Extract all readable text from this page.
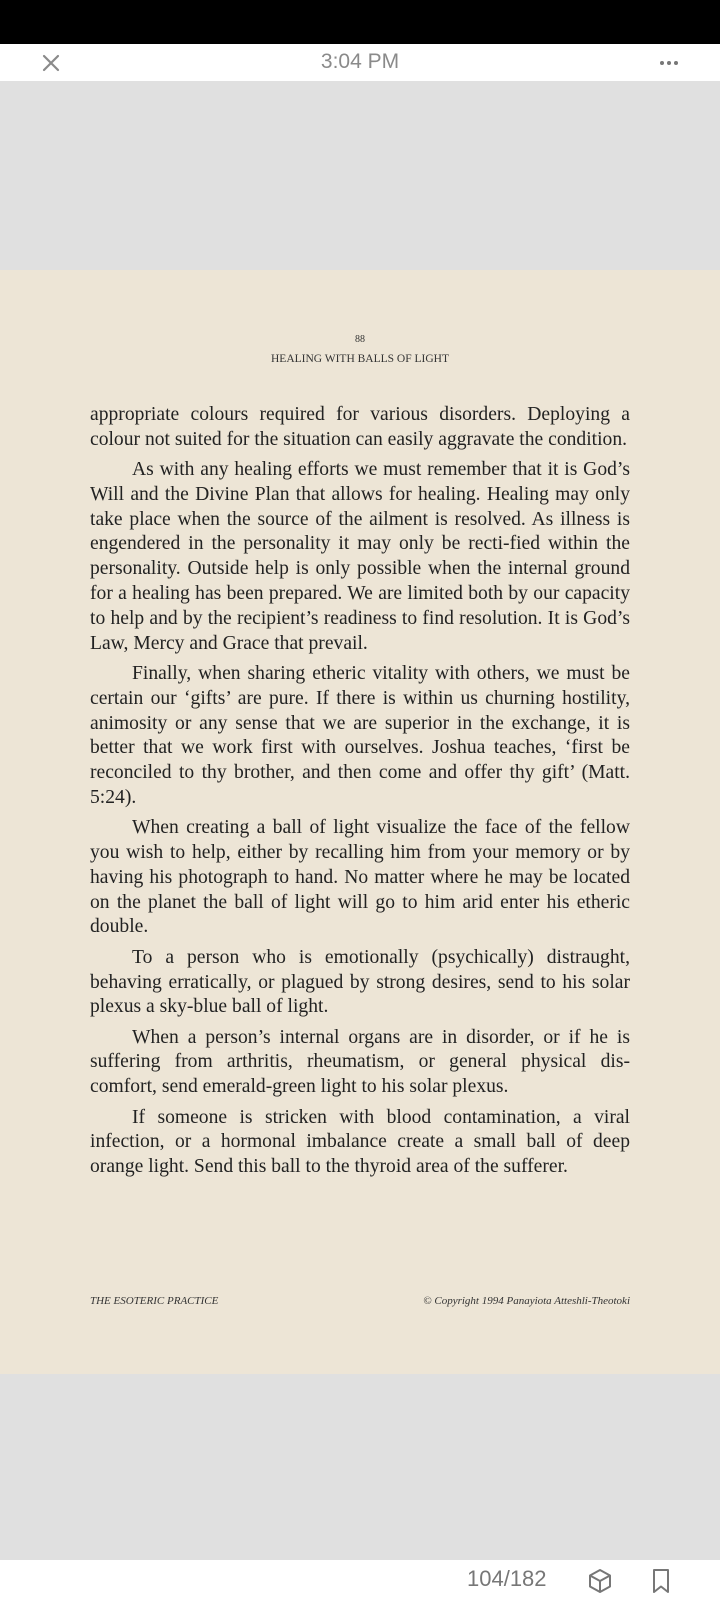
3:04 PM
88
HEALING WITH BALLS OF LIGHT

appropriate colours required for various disorders. Deploying a colour not suited for the situation can easily aggravate the condition.

As with any healing efforts we must remember that it is God’s Will and the Divine Plan that allows for healing. Healing may only take place when the source of the ailment is resolved. As illness is engendered in the personality it may only be recti-fied within the personality. Outside help is only possible when the internal ground for a healing has been prepared. We are limited both by our capacity to help and by the recipient’s readiness to find resolution. It is God’s Law, Mercy and Grace that prevail.

Finally, when sharing etheric vitality with others, we must be certain our ‘gifts’ are pure. If there is within us churning hostility, animosity or any sense that we are superior in the exchange, it is better that we work first with ourselves. Joshua teaches, ‘first be reconciled to thy brother, and then come and offer thy gift’ (Matt. 5:24).

When creating a ball of light visualize the face of the fellow you wish to help, either by recalling him from your memory or by having his photograph to hand. No matter where he may be located on the planet the ball of light will go to him arid enter his etheric double.

To a person who is emotionally (psychically) distraught, behaving erratically, or plagued by strong desires, send to his solar plexus a sky-blue ball of light.

When a person’s internal organs are in disorder, or if he is suffering from arthritis, rheumatism, or general physical dis-comfort, send emerald-green light to his solar plexus.

If someone is stricken with blood contamination, a viral infection, or a hormonal imbalance create a small ball of deep orange light. Send this ball to the thyroid area of the sufferer.

THE ESOTERIC PRACTICE	© Copyright 1994 Panayiota Atteshli-Theotoki
104/182
